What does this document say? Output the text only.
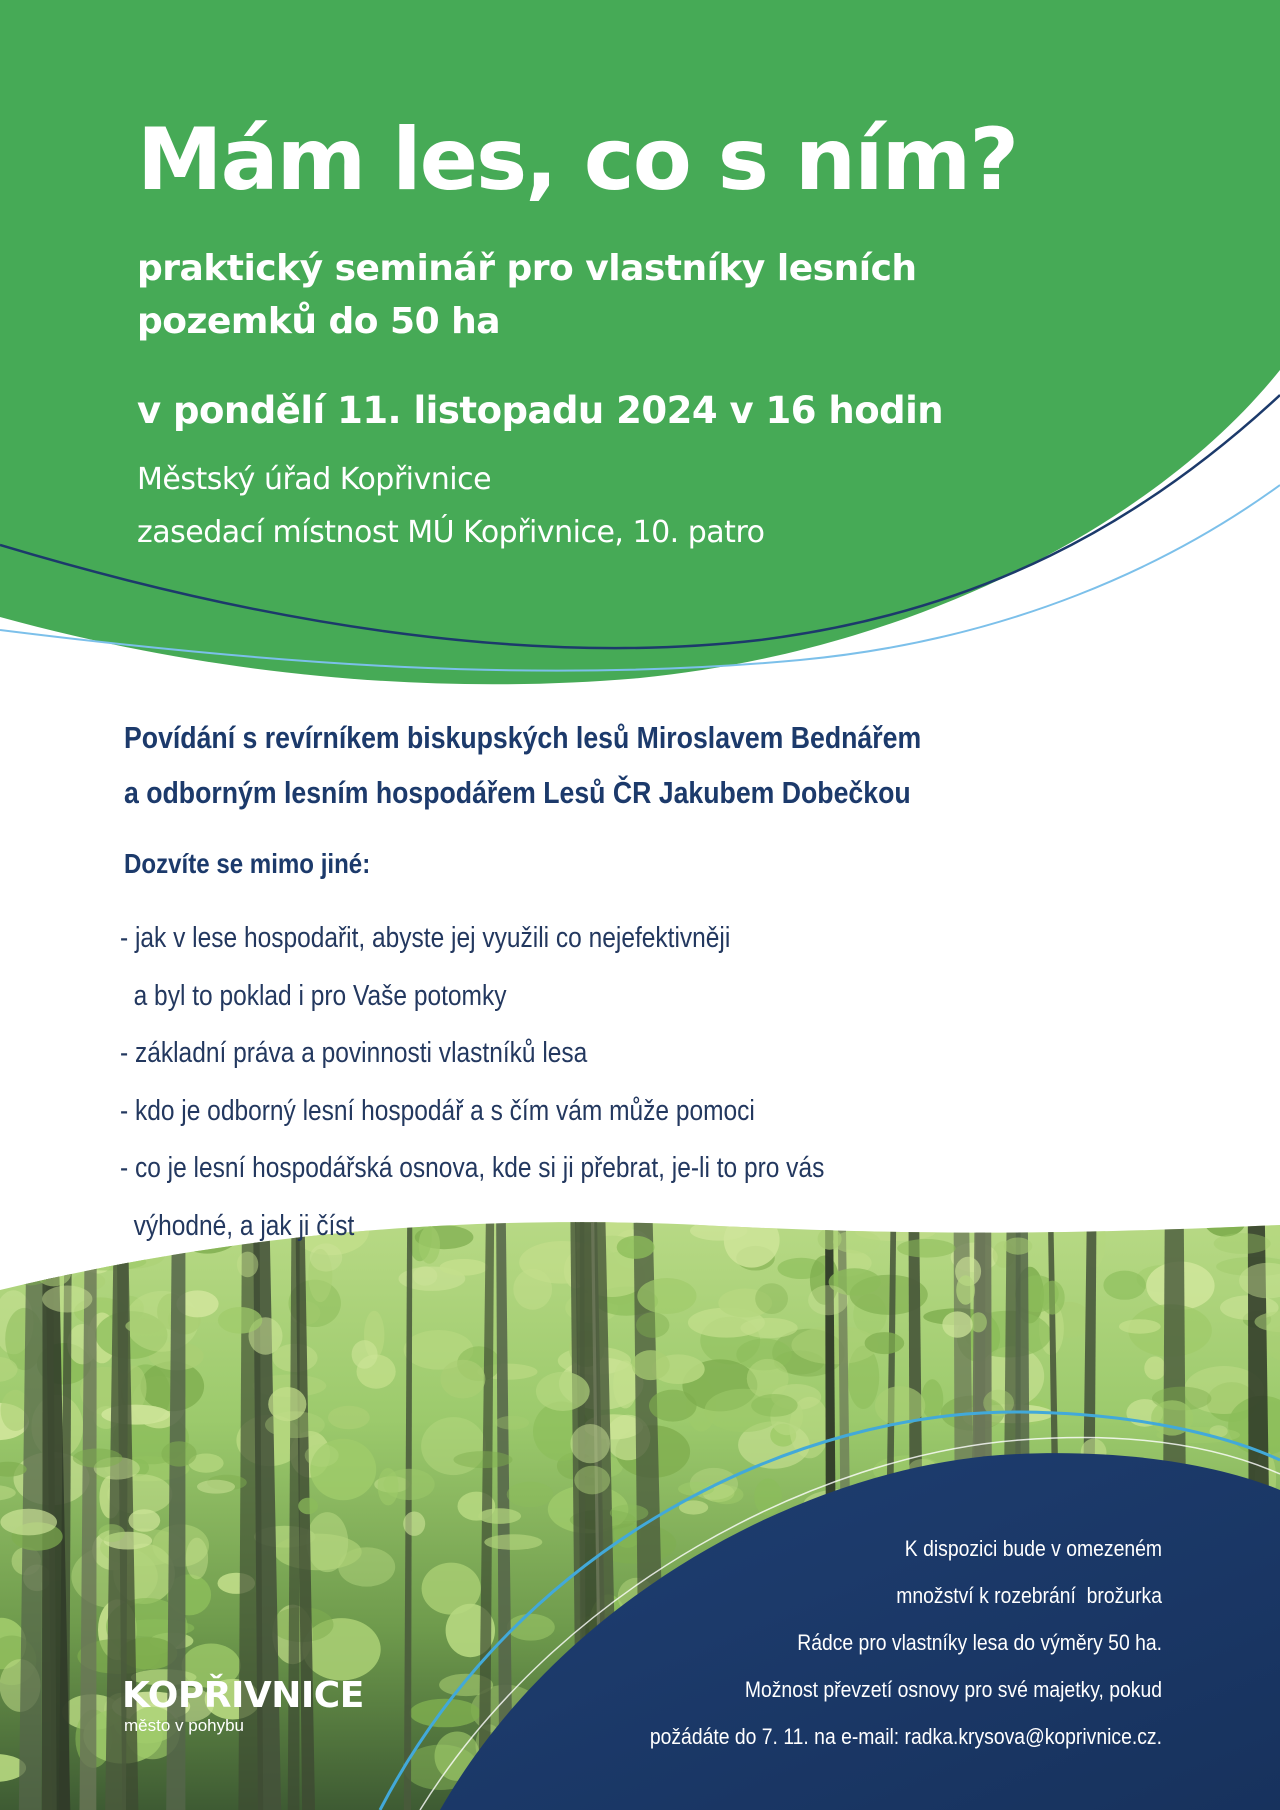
Mám les, co s ním?
praktický seminář pro vlastníky lesních
pozemků do 50 ha
v pondělí 11. listopadu 2024 v 16 hodin
Městský úřad Kopřivnice
zasedací místnost MÚ Kopřivnice, 10. patro
Povídání s revírníkem biskupských lesů Miroslavem Bednářem
a odborným lesním hospodářem Lesů ČR Jakubem Dobečkou
Dozvíte se mimo jiné:
- jak v lese hospodařit, abyste jej využili co nejefektivněji
a byl to poklad i pro Vaše potomky
- základní práva a povinnosti vlastníků lesa
- kdo je odborný lesní hospodář a s čím vám může pomoci
- co je lesní hospodářská osnova, kde si ji přebrat, je-li to pro vás
výhodné, a jak ji číst
K dispozici bude v omezeném
množství k rozebrání  brožurka
Rádce pro vlastníky lesa do výměry 50 ha.
Možnost převzetí osnovy pro své majetky, pokud
požádáte do 7. 11. na e-mail: radka.krysova@koprivnice.cz.
KOPŘIVNICE
město v pohybu
